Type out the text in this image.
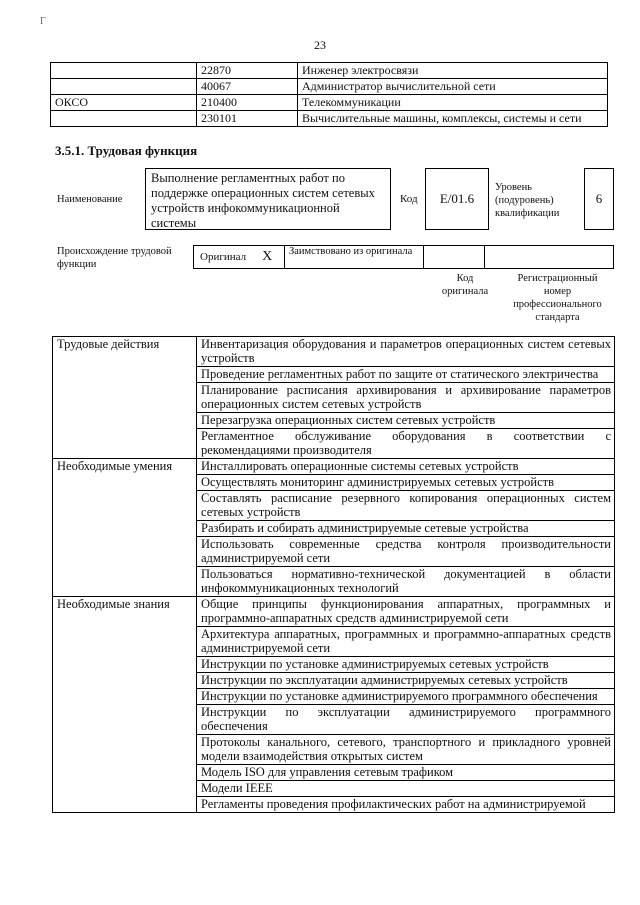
Г
23
	22870	Инженер электросвязи
	40067	Администратор вычислительной сети
ОКСО	210400	Телекоммуникации
	230101	Вычислительные машины, комплексы, системы и сети
3.5.1. Трудовая функция
Наименование
Выполнение регламентных работ по поддержке операционных систем сетевых устройств инфокоммуникационной системы
Код	E/01.6
Уровень (подуровень) квалификации
6
Происхождение трудовой функции
Оригинал X	Заимствовано из оригинала
Код оригинала
Регистрационный номер профессионального стандарта
Трудовые действия	Инвентаризация оборудования и параметров операционных систем сетевых устройств
	Проведение регламентных работ по защите от статического электричества
	Планирование расписания архивирования и архивирование параметров операционных систем сетевых устройств
	Перезагрузка операционных систем сетевых устройств
	Регламентное обслуживание оборудования в соответствии с рекомендациями производителя
Необходимые умения	Инсталлировать операционные системы сетевых устройств
	Осуществлять мониторинг администрируемых сетевых устройств
	Составлять расписание резервного копирования операционных систем сетевых устройств
	Разбирать и собирать администрируемые сетевые устройства
	Использовать современные средства контроля производительности администрируемой сети
	Пользоваться нормативно-технической документацией в области инфокоммуникационных технологий
Необходимые знания	Общие принципы функционирования аппаратных, программных и программно-аппаратных средств администрируемой сети
	Архитектура аппаратных, программных и программно-аппаратных средств администрируемой сети
	Инструкции по установке администрируемых сетевых устройств
	Инструкции по эксплуатации администрируемых сетевых устройств
	Инструкции по установке администрируемого программного обеспечения
	Инструкции по эксплуатации администрируемого программного обеспечения
	Протоколы канального, сетевого, транспортного и прикладного уровней модели взаимодействия открытых систем
	Модель ISO для управления сетевым трафиком
	Модели IEEE
	Регламенты проведения профилактических работ на администрируемой
